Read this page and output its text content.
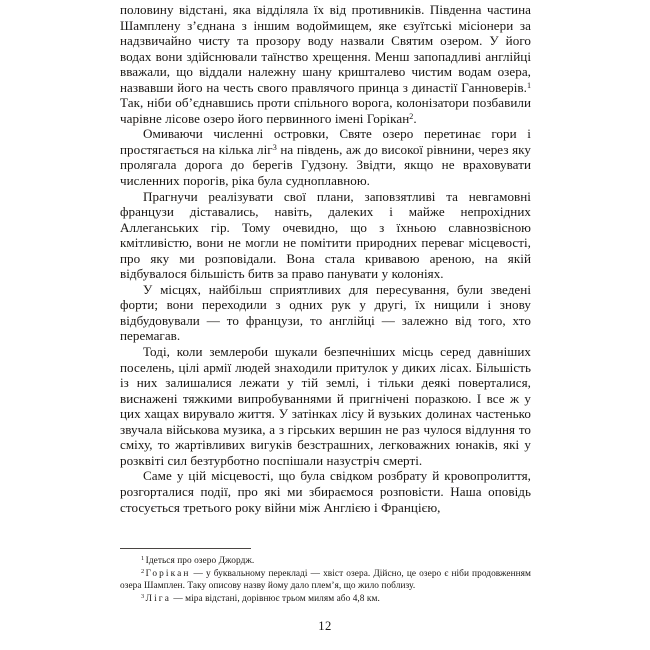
половину відстані, яка відділяла їх від противників. Південна частина Шамплену з’єднана з іншим водоймищем, яке єзуїтські місіонери за надзвичайно чисту та прозору воду назвали Святим озером. У його водах вони здійснювали таїнство хрещення. Менш запопадливі англійці вважали, що віддали належну шану кришталево чистим водам озера, назвавши його на честь свого правлячого принца з династії Ганноверів.$^1$ Так, ніби об’єднавшись проти спільного ворога, колонізатори позбавили чарівне лісове озеро його первинного імені Горікан$^2$.

Омиваючи численні островки, Святе озеро перетинає гори і простягається на кілька ліг$^3$ на південь, аж до високої рівнини, через яку пролягала дорога до берегів Гудзону. Звідти, якщо не враховувати численних порогів, ріка була судноплавною.

Прагнучи реалізувати свої плани, заповзятливі та невгамовні французи діставались, навіть, далеких і майже непрохідних Аллеганських гір. Тому очевидно, що з їхньою славнозвісною кмітливістю, вони не могли не помітити природних переваг місцевості, про яку ми розповідали. Вона стала кривавою ареною, на якій відбувалося більшість битв за право панувати у колоніях.

У місцях, найбільш сприятливих для пересування, були зведені форти; вони переходили з одних рук у другі, їх нищили і знову відбудовували — то французи, то англійці — залежно від того, хто перемагав.

Тоді, коли землероби шукали безпечніших місць серед давніших поселень, цілі армії людей знаходили притулок у диких лісах. Більшість із них залишалися лежати у тій землі, і тільки деякі поверталися, виснажені тяжкими випробуваннями й пригнічені поразкою. І все ж у цих хащах вирувало життя. У затінках лісу й вузьких долинах частенько звучала військова музика, а з гірських вершин не раз чулося відлуння то сміху, то жартівливих вигуків безстрашних, легковажних юнаків, які у розквіті сил безтурботно поспішали назустріч смерті.

Саме у цій місцевості, що була свідком розбрату й кровопролиття, розгорталися події, про які ми збираємося розповісти. Наша оповідь стосується третього року війни між Англією і Францією,

$^1$ Ідеться про озеро Джордж.

$^2$ Горікан — у буквальному перекладі — хвіст озера. Дійсно, це озеро є ніби продовженням озера Шамплен. Таку описову назву йому дало плем’я, що жило поблизу.

$^3$ Ліга — міра відстані, дорівнює трьом милям або 4,8 км.

12
